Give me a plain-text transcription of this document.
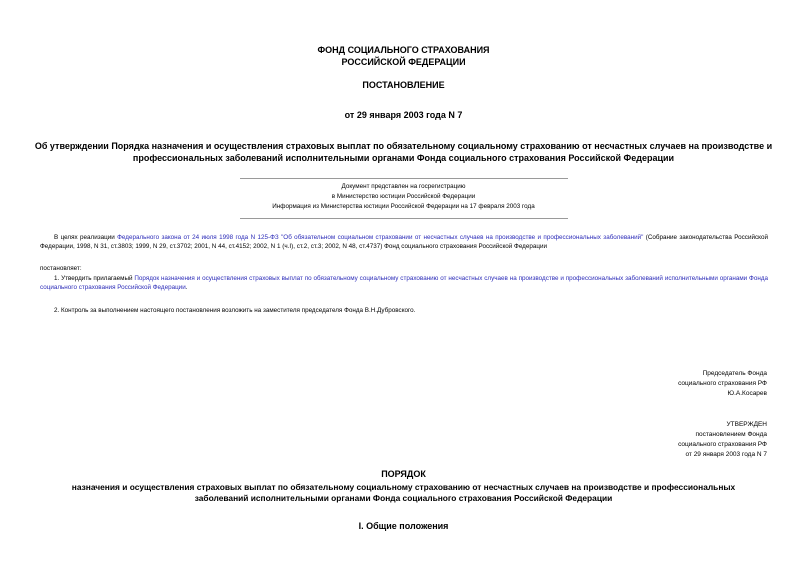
ФОНД СОЦИАЛЬНОГО СТРАХОВАНИЯ
РОССИЙСКОЙ ФЕДЕРАЦИИ
ПОСТАНОВЛЕНИЕ
от 29 января 2003 года N 7
Об утверждении Порядка назначения и осуществления страховых выплат по обязательному социальному страхованию от несчастных случаев на производстве и
профессиональных заболеваний исполнительными органами Фонда социального страхования Российской Федерации
Документ представлен на госрегистрацию
в Министерство юстиции Российской Федерации
Информация из Министерства юстиции Российской Федерации на 17 февраля 2003 года
В целях реализации Федерального закона от 24 июля 1998 года N 125-ФЗ "Об обязательном социальном страховании от несчастных случаев на производстве и профессиональных заболеваний" (Собрание законодательства Российской Федерации, 1998, N 31, ст.3803; 1999, N 29, ст.3702; 2001, N 44, ст.4152; 2002, N 1 (ч.I), ст.2, ст.3; 2002, N 48, ст.4737) Фонд социального страхования Российской Федерации
постановляет:
1. Утвердить прилагаемый Порядок назначения и осуществления страховых выплат по обязательному социальному страхованию от несчастных случаев на производстве и профессиональных заболеваний исполнительными органами Фонда социального страхования Российской Федерации.
2. Контроль за выполнением настоящего постановления возложить на заместителя председателя Фонда В.Н.Дубровского.
Председатель Фонда
социального страхования РФ
Ю.А.Косарев
УТВЕРЖДЕН
постановлением Фонда
социального страхования РФ
от 29 января 2003 года N 7
ПОРЯДОК
назначения и осуществления страховых выплат по обязательному социальному страхованию от несчастных случаев на производстве и профессиональных
заболеваний исполнительными органами Фонда социального страхования Российской Федерации
I. Общие положения
